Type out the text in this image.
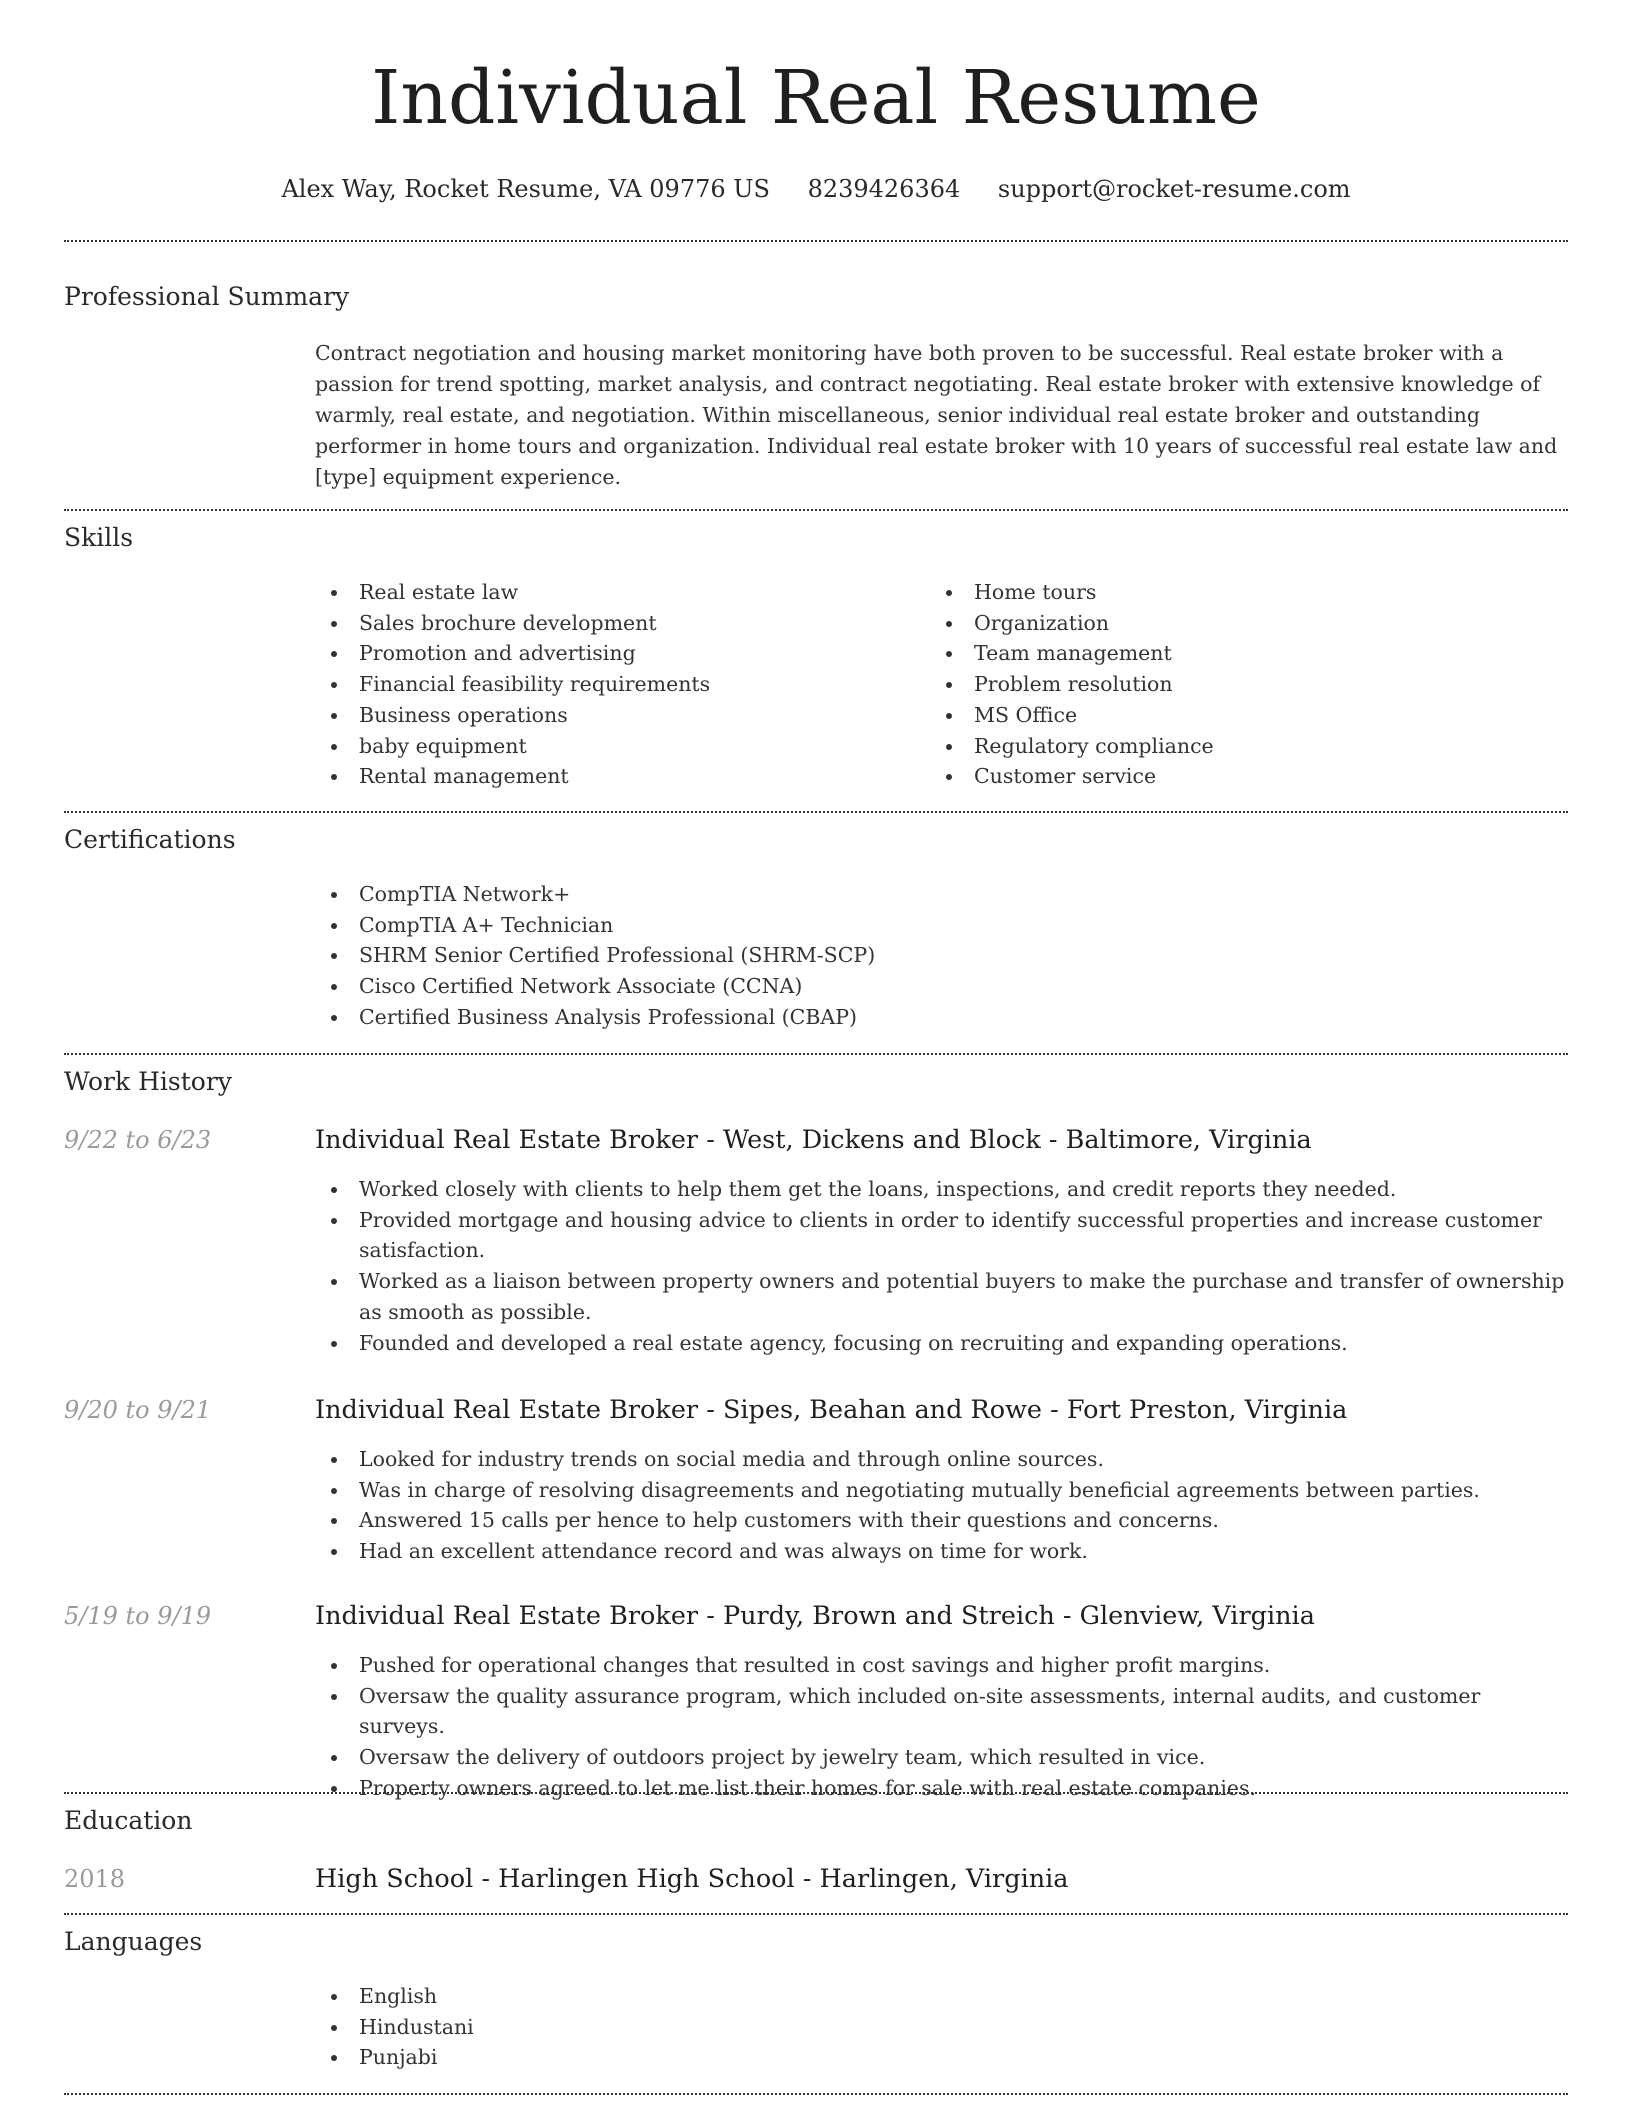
Individual Real Resume
Alex Way, Rocket Resume, VA 09776 US 8239426364 support@rocket-resume.com
Professional Summary

Contract negotiation and housing market monitoring have both proven to be successful. Real estate broker with a passion for trend spotting, market analysis, and contract negotiating. Real estate broker with extensive knowledge of warmly, real estate, and negotiation. Within miscellaneous, senior individual real estate broker and outstanding performer in home tours and organization. Individual real estate broker with 10 years of successful real estate law and [type] equipment experience.

Skills
Real estate law
Sales brochure development
Promotion and advertising
Financial feasibility requirements
Business operations
baby equipment
Rental management
Home tours
Organization
Team management
Problem resolution
MS Office
Regulatory compliance
Customer service
Certifications
CompTIA Network+
CompTIA A+ Technician
SHRM Senior Certified Professional (SHRM-SCP)
Cisco Certified Network Associate (CCNA)
Certified Business Analysis Professional (CBAP)
Work History
9/22 to 6/23	Individual Real Estate Broker - West, Dickens and Block - Baltimore, Virginia
Worked closely with clients to help them get the loans, inspections, and credit reports they needed.
Provided mortgage and housing advice to clients in order to identify successful properties and increase customer satisfaction.
Worked as a liaison between property owners and potential buyers to make the purchase and transfer of ownership as smooth as possible.
Founded and developed a real estate agency, focusing on recruiting and expanding operations.
9/20 to 9/21	Individual Real Estate Broker - Sipes, Beahan and Rowe - Fort Preston, Virginia
Looked for industry trends on social media and through online sources.
Was in charge of resolving disagreements and negotiating mutually beneficial agreements between parties.
Answered 15 calls per hence to help customers with their questions and concerns.
Had an excellent attendance record and was always on time for work.
5/19 to 9/19	Individual Real Estate Broker - Purdy, Brown and Streich - Glenview, Virginia
Pushed for operational changes that resulted in cost savings and higher profit margins.
Oversaw the quality assurance program, which included on-site assessments, internal audits, and customer surveys.
Oversaw the delivery of outdoors project by jewelry team, which resulted in vice.
Property owners agreed to let me list their homes for sale with real estate companies.
Education
2018	High School - Harlingen High School - Harlingen, Virginia
Languages
English
Hindustani
Punjabi
